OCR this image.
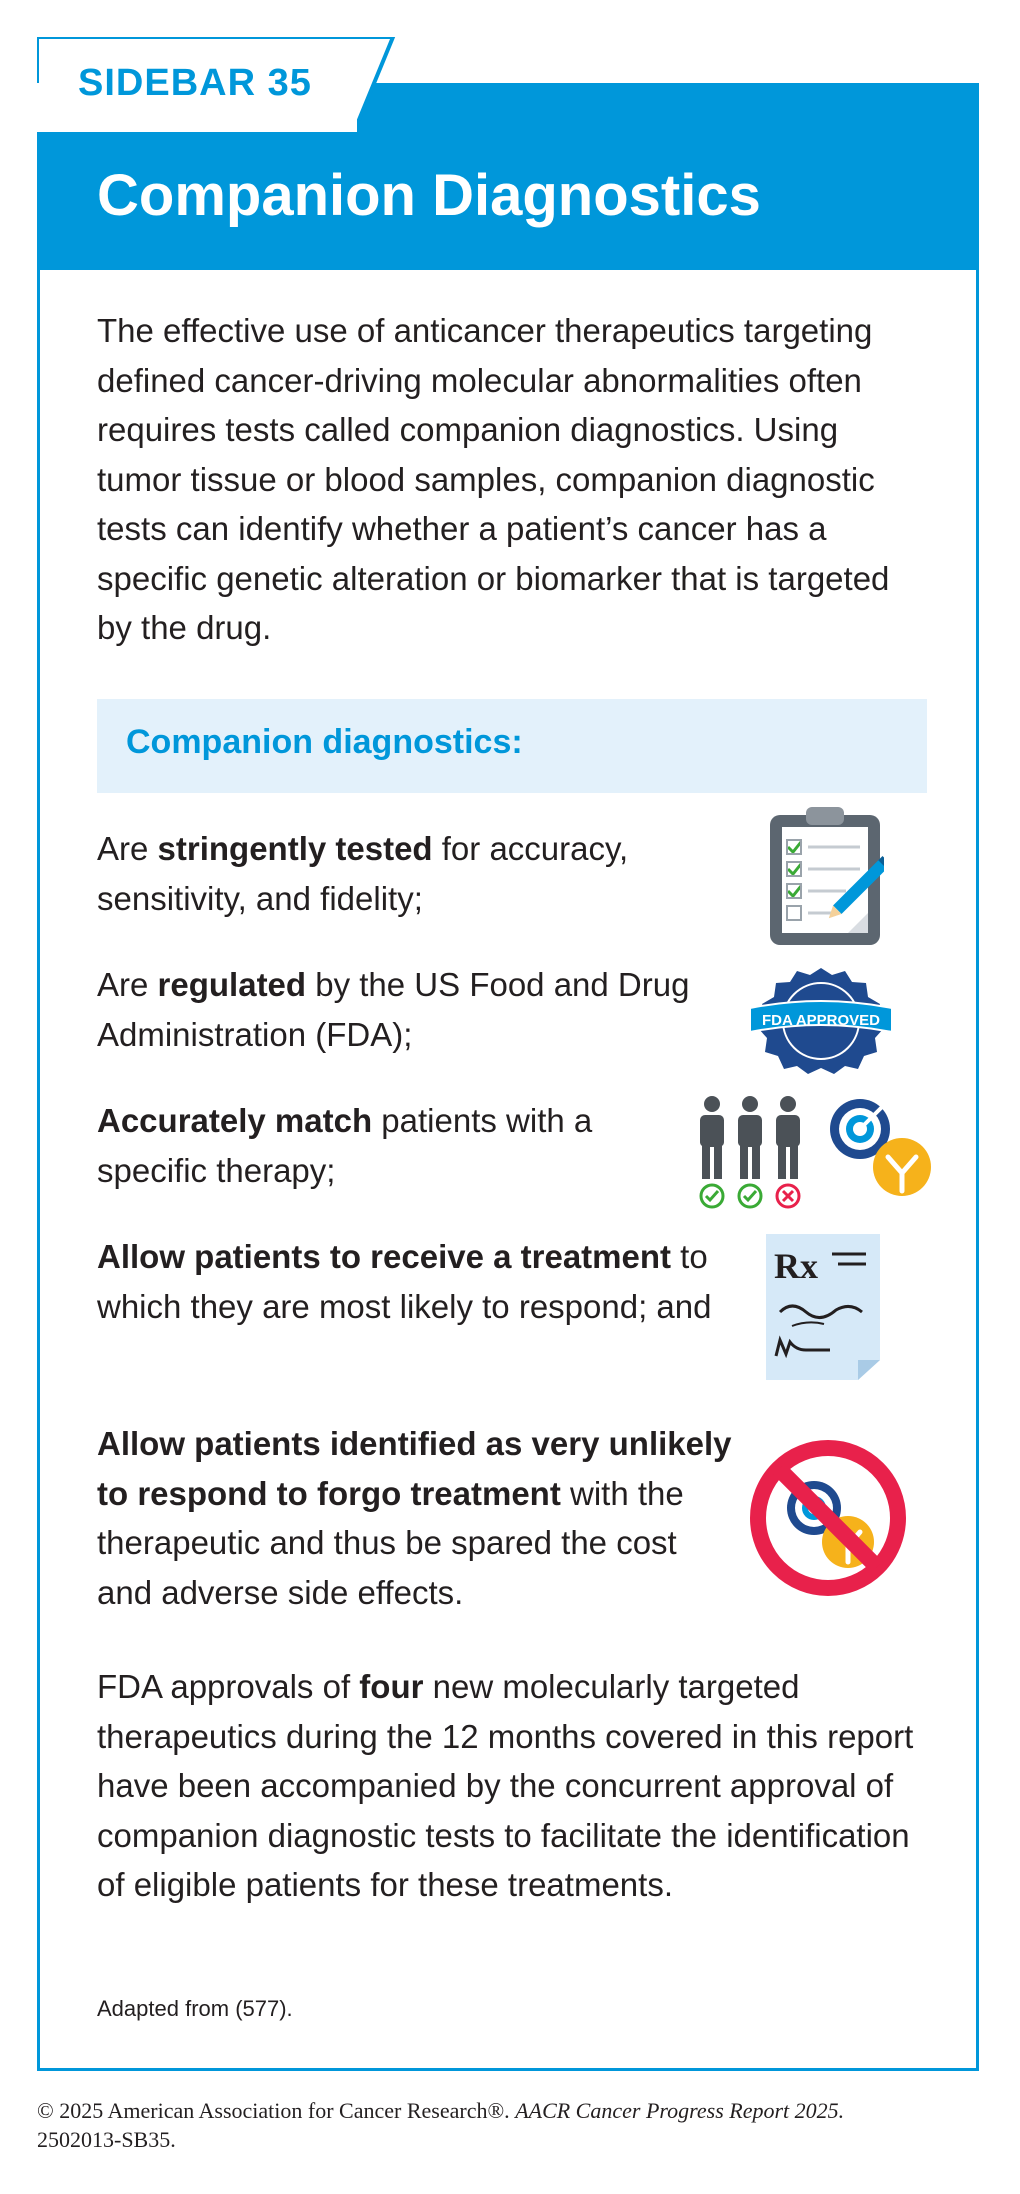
SIDEBAR 35
Companion Diagnostics

The effective use of anticancer therapeutics targeting defined cancer-driving molecular abnormalities often requires tests called companion diagnostics. Using tumor tissue or blood samples, companion diagnostic tests can identify whether a patient’s cancer has a specific genetic alteration or biomarker that is targeted by the drug.

Companion diagnostics:

Are stringently tested for accuracy, sensitivity, and fidelity;

Are regulated by the US Food and Drug Administration (FDA);	FDA APPROVED

Accurately match patients with a specific therapy;

Allow patients to receive a treatment to which they are most likely to respond; and

Rx

Allow patients identified as very unlikely to respond to forgo treatment with the therapeutic and thus be spared the cost and adverse side effects.

FDA approvals of four new molecularly targeted therapeutics during the 12 months covered in this report have been accompanied by the concurrent approval of companion diagnostic tests to facilitate the identification of eligible patients for these treatments.

Adapted from (577).
© 2025 American Association for Cancer Research®. AACR Cancer Progress Report 2025.
2502013-SB35.
